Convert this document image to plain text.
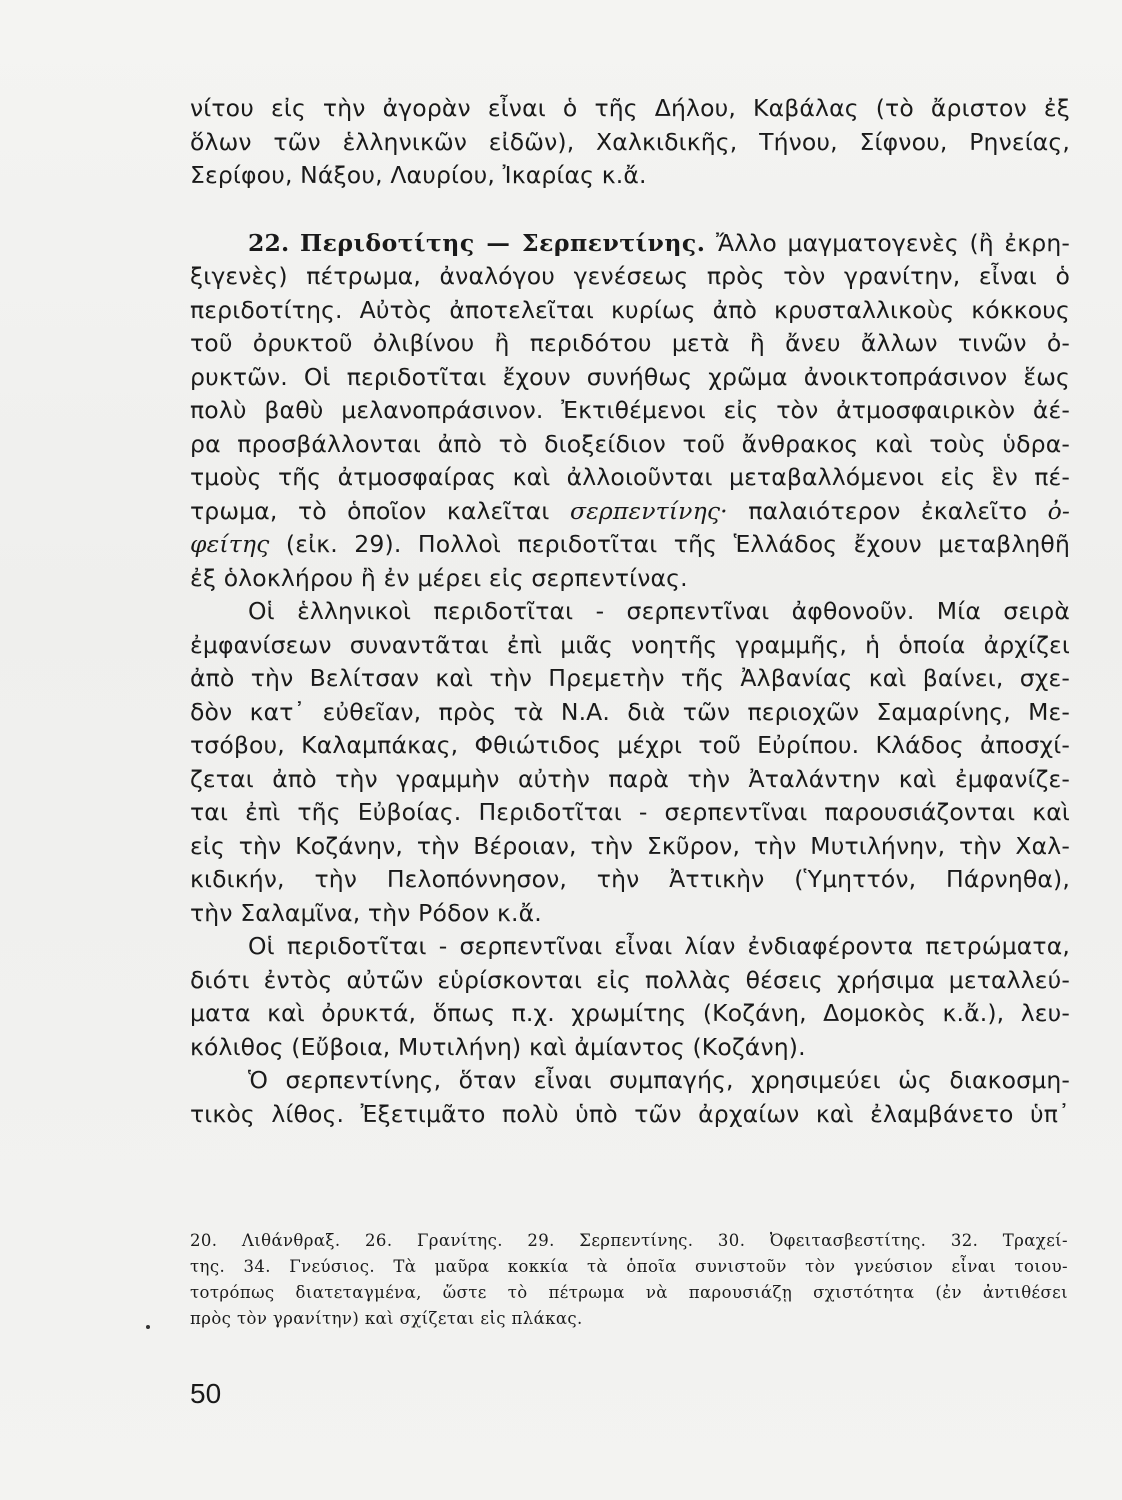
νίτου εἰς τὴν ἀγορὰν εἶναι ὁ τῆς Δήλου, Καβάλας (τὸ ἄριστον ἐξ
ὅλων τῶν ἑλληνικῶν εἰδῶν), Χαλκιδικῆς, Τήνου, Σίφνου, Ρηνείας,
Σερίφου, Νάξου, Λαυρίου, Ἰκαρίας κ.ἄ.
22. Περιδοτίτης — Σερπεντίνης. Ἄλλο μαγματογενὲς (ἢ ἐκρη-
ξιγενὲς) πέτρωμα, ἀναλόγου γενέσεως πρὸς τὸν γρανίτην, εἶναι ὁ
περιδοτίτης. Αὐτὸς ἀποτελεῖται κυρίως ἀπὸ κρυσταλλικοὺς κόκκους
τοῦ ὀρυκτοῦ ὀλιβίνου ἢ περιδότου μετὰ ἢ ἄνευ ἄλλων τινῶν ὀ-
ρυκτῶν. Οἱ περιδοτῖται ἔχουν συνήθως χρῶμα ἀνοικτοπράσινον ἕως
πολὺ βαθὺ μελανοπράσινον. Ἐκτιθέμενοι εἰς τὸν ἀτμοσφαιρικὸν ἀέ-
ρα προσβάλλονται ἀπὸ τὸ διοξείδιον τοῦ ἄνθρακος καὶ τοὺς ὑδρα-
τμοὺς τῆς ἀτμοσφαίρας καὶ ἀλλοιοῦνται μεταβαλλόμενοι εἰς ἓν πέ-
τρωμα, τὸ ὁποῖον καλεῖται σερπεντίνης· παλαιότερον ἐκαλεῖτο ὀ-
φείτης (εἰκ. 29). Πολλοὶ περιδοτῖται τῆς Ἑλλάδος ἔχουν μεταβληθῆ
ἐξ ὁλοκλήρου ἢ ἐν μέρει εἰς σερπεντίνας.
Οἱ ἑλληνικοὶ περιδοτῖται - σερπεντῖναι ἀφθονοῦν. Μία σειρὰ
ἐμφανίσεων συναντᾶται ἐπὶ μιᾶς νοητῆς γραμμῆς, ἡ ὁποία ἀρχίζει
ἀπὸ τὴν Βελίτσαν καὶ τὴν Πρεμετὴν τῆς Ἀλβανίας καὶ βαίνει, σχε-
δὸν κατ᾿ εὐθεῖαν, πρὸς τὰ Ν.Α. διὰ τῶν περιοχῶν Σαμαρίνης, Με-
τσόβου, Καλαμπάκας, Φθιώτιδος μέχρι τοῦ Εὐρίπου. Κλάδος ἀποσχί-
ζεται ἀπὸ τὴν γραμμὴν αὐτὴν παρὰ τὴν Ἀταλάντην καὶ ἐμφανίζε-
ται ἐπὶ τῆς Εὐβοίας. Περιδοτῖται - σερπεντῖναι παρουσιάζονται καὶ
εἰς τὴν Κοζάνην, τὴν Βέροιαν, τὴν Σκῦρον, τὴν Μυτιλήνην, τὴν Χαλ-
κιδικήν, τὴν Πελοπόννησον, τὴν Ἀττικὴν (Ὑμηττόν, Πάρνηθα),
τὴν Σαλαμῖνα, τὴν Ρόδον κ.ἄ.
Οἱ περιδοτῖται - σερπεντῖναι εἶναι λίαν ἐνδιαφέροντα πετρώματα,
διότι ἐντὸς αὐτῶν εὑρίσκονται εἰς πολλὰς θέσεις χρήσιμα μεταλλεύ-
ματα καὶ ὀρυκτά, ὅπως π.χ. χρωμίτης (Κοζάνη, Δομοκὸς κ.ἄ.), λευ-
κόλιθος (Εὔβοια, Μυτιλήνη) καὶ ἀμίαντος (Κοζάνη).
Ὁ σερπεντίνης, ὅταν εἶναι συμπαγής, χρησιμεύει ὡς διακοσμη-
τικὸς λίθος. Ἐξετιμᾶτο πολὺ ὑπὸ τῶν ἀρχαίων καὶ ἐλαμβάνετο ὑπ᾿
20. Λιθάνθραξ. 26. Γρανίτης. 29. Σερπεντίνης. 30. Ὀφειτασβεστίτης. 32. Τραχεί-
της. 34. Γνεύσιος. Τὰ μαῦρα κοκκία τὰ ὁποῖα συνιστοῦν τὸν γνεύσιον εἶναι τοιου-
τοτρόπως διατεταγμένα, ὥστε τὸ πέτρωμα νὰ παρουσιάζῃ σχιστότητα (ἐν ἀντιθέσει
πρὸς τὸν γρανίτην) καὶ σχίζεται εἰς πλάκας.
50
